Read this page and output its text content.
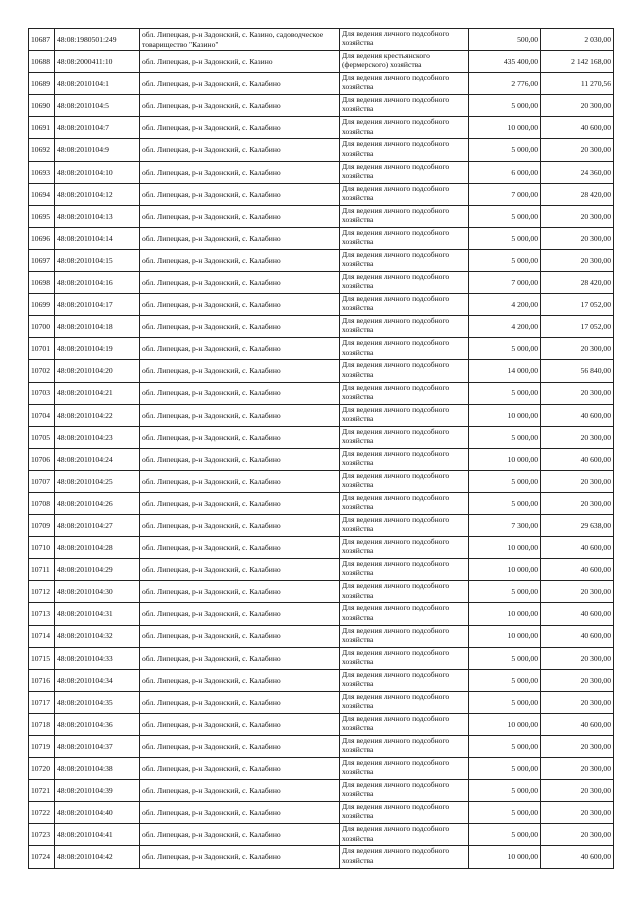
10687	48:08:1980501:249	обл. Липецкая, р-н Задонский, с. Казино, садоводческое товарищество "Казино"	Для ведения личного подсобного хозяйства	500,00	2 030,00
10688	48:08:2000411:10	обл. Липецкая, р-н Задонский, с. Казино	Для ведения крестьянского (фермерского) хозяйства	435 400,00	2 142 168,00
10689	48:08:2010104:1	обл. Липецкая, р-н Задонский, с. Калабино	Для ведения личного подсобного хозяйства	2 776,00	11 270,56
10690	48:08:2010104:5	обл. Липецкая, р-н Задонский, с. Калабино	Для ведения личного подсобного хозяйства	5 000,00	20 300,00
10691	48:08:2010104:7	обл. Липецкая, р-н Задонский, с. Калабино	Для ведения личного подсобного хозяйства	10 000,00	40 600,00
10692	48:08:2010104:9	обл. Липецкая, р-н Задонский, с. Калабино	Для ведения личного подсобного хозяйства	5 000,00	20 300,00
10693	48:08:2010104:10	обл. Липецкая, р-н Задонский, с. Калабино	Для ведения личного подсобного хозяйства	6 000,00	24 360,00
10694	48:08:2010104:12	обл. Липецкая, р-н Задонский, с. Калабино	Для ведения личного подсобного хозяйства	7 000,00	28 420,00
10695	48:08:2010104:13	обл. Липецкая, р-н Задонский, с. Калабино	Для ведения личного подсобного хозяйства	5 000,00	20 300,00
10696	48:08:2010104:14	обл. Липецкая, р-н Задонский, с. Калабино	Для ведения личного подсобного хозяйства	5 000,00	20 300,00
10697	48:08:2010104:15	обл. Липецкая, р-н Задонский, с. Калабино	Для ведения личного подсобного хозяйства	5 000,00	20 300,00
10698	48:08:2010104:16	обл. Липецкая, р-н Задонский, с. Калабино	Для ведения личного подсобного хозяйства	7 000,00	28 420,00
10699	48:08:2010104:17	обл. Липецкая, р-н Задонский, с. Калабино	Для ведения личного подсобного хозяйства	4 200,00	17 052,00
10700	48:08:2010104:18	обл. Липецкая, р-н Задонский, с. Калабино	Для ведения личного подсобного хозяйства	4 200,00	17 052,00
10701	48:08:2010104:19	обл. Липецкая, р-н Задонский, с. Калабино	Для ведения личного подсобного хозяйства	5 000,00	20 300,00
10702	48:08:2010104:20	обл. Липецкая, р-н Задонский, с. Калабино	Для ведения личного подсобного хозяйства	14 000,00	56 840,00
10703	48:08:2010104:21	обл. Липецкая, р-н Задонский, с. Калабино	Для ведения личного подсобного хозяйства	5 000,00	20 300,00
10704	48:08:2010104:22	обл. Липецкая, р-н Задонский, с. Калабино	Для ведения личного подсобного хозяйства	10 000,00	40 600,00
10705	48:08:2010104:23	обл. Липецкая, р-н Задонский, с. Калабино	Для ведения личного подсобного хозяйства	5 000,00	20 300,00
10706	48:08:2010104:24	обл. Липецкая, р-н Задонский, с. Калабино	Для ведения личного подсобного хозяйства	10 000,00	40 600,00
10707	48:08:2010104:25	обл. Липецкая, р-н Задонский, с. Калабино	Для ведения личного подсобного хозяйства	5 000,00	20 300,00
10708	48:08:2010104:26	обл. Липецкая, р-н Задонский, с. Калабино	Для ведения личного подсобного хозяйства	5 000,00	20 300,00
10709	48:08:2010104:27	обл. Липецкая, р-н Задонский, с. Калабино	Для ведения личного подсобного хозяйства	7 300,00	29 638,00
10710	48:08:2010104:28	обл. Липецкая, р-н Задонский, с. Калабино	Для ведения личного подсобного хозяйства	10 000,00	40 600,00
10711	48:08:2010104:29	обл. Липецкая, р-н Задонский, с. Калабино	Для ведения личного подсобного хозяйства	10 000,00	40 600,00
10712	48:08:2010104:30	обл. Липецкая, р-н Задонский, с. Калабино	Для ведения личного подсобного хозяйства	5 000,00	20 300,00
10713	48:08:2010104:31	обл. Липецкая, р-н Задонский, с. Калабино	Для ведения личного подсобного хозяйства	10 000,00	40 600,00
10714	48:08:2010104:32	обл. Липецкая, р-н Задонский, с. Калабино	Для ведения личного подсобного хозяйства	10 000,00	40 600,00
10715	48:08:2010104:33	обл. Липецкая, р-н Задонский, с. Калабино	Для ведения личного подсобного хозяйства	5 000,00	20 300,00
10716	48:08:2010104:34	обл. Липецкая, р-н Задонский, с. Калабино	Для ведения личного подсобного хозяйства	5 000,00	20 300,00
10717	48:08:2010104:35	обл. Липецкая, р-н Задонский, с. Калабино	Для ведения личного подсобного хозяйства	5 000,00	20 300,00
10718	48:08:2010104:36	обл. Липецкая, р-н Задонский, с. Калабино	Для ведения личного подсобного хозяйства	10 000,00	40 600,00
10719	48:08:2010104:37	обл. Липецкая, р-н Задонский, с. Калабино	Для ведения личного подсобного хозяйства	5 000,00	20 300,00
10720	48:08:2010104:38	обл. Липецкая, р-н Задонский, с. Калабино	Для ведения личного подсобного хозяйства	5 000,00	20 300,00
10721	48:08:2010104:39	обл. Липецкая, р-н Задонский, с. Калабино	Для ведения личного подсобного хозяйства	5 000,00	20 300,00
10722	48:08:2010104:40	обл. Липецкая, р-н Задонский, с. Калабино	Для ведения личного подсобного хозяйства	5 000,00	20 300,00
10723	48:08:2010104:41	обл. Липецкая, р-н Задонский, с. Калабино	Для ведения личного подсобного хозяйства	5 000,00	20 300,00
10724	48:08:2010104:42	обл. Липецкая, р-н Задонский, с. Калабино	Для ведения личного подсобного хозяйства	10 000,00	40 600,00
